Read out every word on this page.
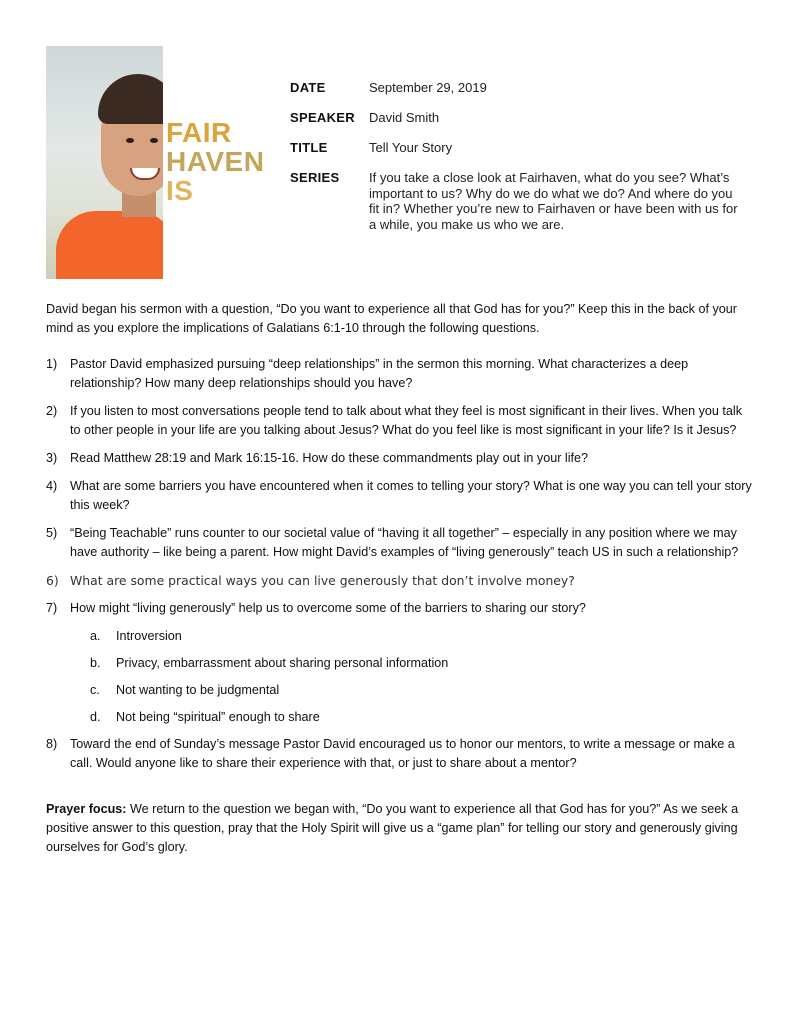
FAIR
HAVEN
IS
DATE	September 29, 2019
SPEAKER	David Smith
TITLE	Tell Your Story
SERIES	If you take a close look at Fairhaven, what do you see? What’s important to us? Why do we do what we do? And where do you fit in? Whether you’re new to Fairhaven or have been with us for a while, you make us who we are.

David began his sermon with a question, “Do you want to experience all that God has for you?” Keep this in the back of your mind as you explore the implications of Galatians 6:1-10 through the following questions.

1)	Pastor David emphasized pursuing “deep relationships” in the sermon this morning. What characterizes a deep relationship? How many deep relationships should you have?
2)	If you listen to most conversations people tend to talk about what they feel is most significant in their lives. When you talk to other people in your life are you talking about Jesus? What do you feel like is most significant in your life? Is it Jesus?
3)	Read Matthew 28:19 and Mark 16:15-16. How do these commandments play out in your life?
4)	What are some barriers you have encountered when it comes to telling your story? What is one way you can tell your story this week?
5)	“Being Teachable” runs counter to our societal value of “having it all together” – especially in any position where we may have authority – like being a parent. How might David’s examples of “living generously” teach US in such a relationship?
6) What are some practical ways you can live generously that don’t involve money?
7)	How might “living generously” help us to overcome some of the barriers to sharing our story?
a.	Introversion
b.	Privacy, embarrassment about sharing personal information
c.	Not wanting to be judgmental
d.	Not being “spiritual” enough to share
8)	Toward the end of Sunday’s message Pastor David encouraged us to honor our mentors, to write a message or make a call. Would anyone like to share their experience with that, or just to share about a mentor?

Prayer focus: We return to the question we began with, “Do you want to experience all that God has for you?” As we seek a positive answer to this question, pray that the Holy Spirit will give us a “game plan” for telling our story and generously giving ourselves for God’s glory.
